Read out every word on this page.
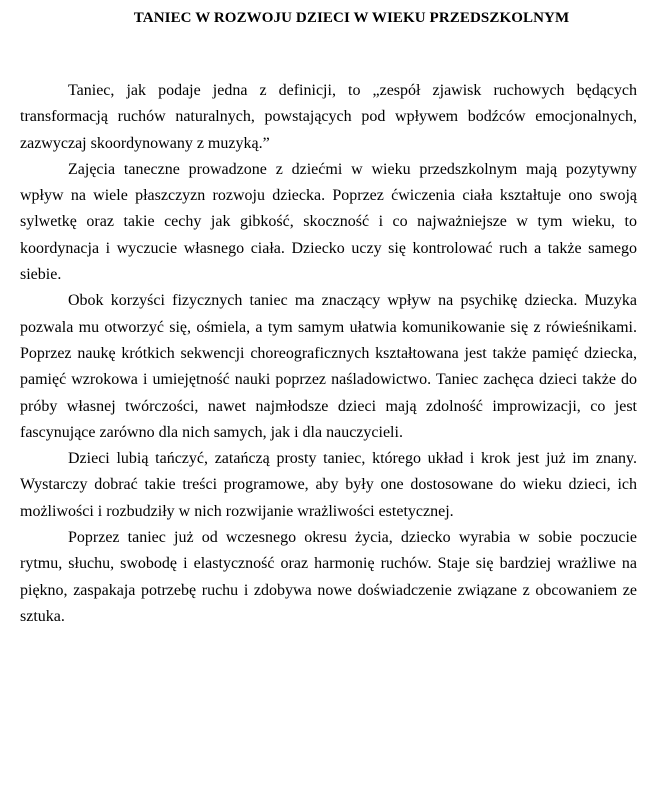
TANIEC W ROZWOJU DZIECI W WIEKU PRZEDSZKOLNYM

Taniec, jak podaje jedna z definicji, to „zespół zjawisk ruchowych będących transformacją ruchów naturalnych, powstających pod wpływem bodźców emocjonalnych, zazwyczaj skoordynowany z muzyką.”

Zajęcia taneczne prowadzone z dziećmi w wieku przedszkolnym mają pozytywny wpływ na wiele płaszczyzn rozwoju dziecka. Poprzez ćwiczenia ciała kształtuje ono swoją sylwetkę oraz takie cechy jak gibkość, skoczność i co najważniejsze w tym wieku, to koordynacja i wyczucie własnego ciała. Dziecko uczy się kontrolować ruch a także samego siebie.

Obok korzyści fizycznych taniec ma znaczący wpływ na psychikę dziecka. Muzyka pozwala mu otworzyć się, ośmiela, a tym samym ułatwia komunikowanie się z rówieśnikami. Poprzez naukę krótkich sekwencji choreograficznych kształtowana jest także pamięć dziecka, pamięć wzrokowa i umiejętność nauki poprzez naśladowictwo. Taniec zachęca dzieci także do próby własnej twórczości, nawet najmłodsze dzieci mają zdolność improwizacji, co jest fascynujące zarówno dla nich samych, jak i dla nauczycieli.

Dzieci lubią tańczyć, zatańczą prosty taniec, którego układ i krok jest już im znany. Wystarczy dobrać takie treści programowe, aby były one dostosowane do wieku dzieci, ich możliwości i rozbudziły w nich rozwijanie wrażliwości estetycznej.

Poprzez taniec już od wczesnego okresu życia, dziecko wyrabia w sobie poczucie rytmu, słuchu, swobodę i elastyczność oraz harmonię ruchów. Staje się bardziej wrażliwe na piękno, zaspakaja potrzebę ruchu i zdobywa nowe doświadczenie związane z obcowaniem ze sztuka.
